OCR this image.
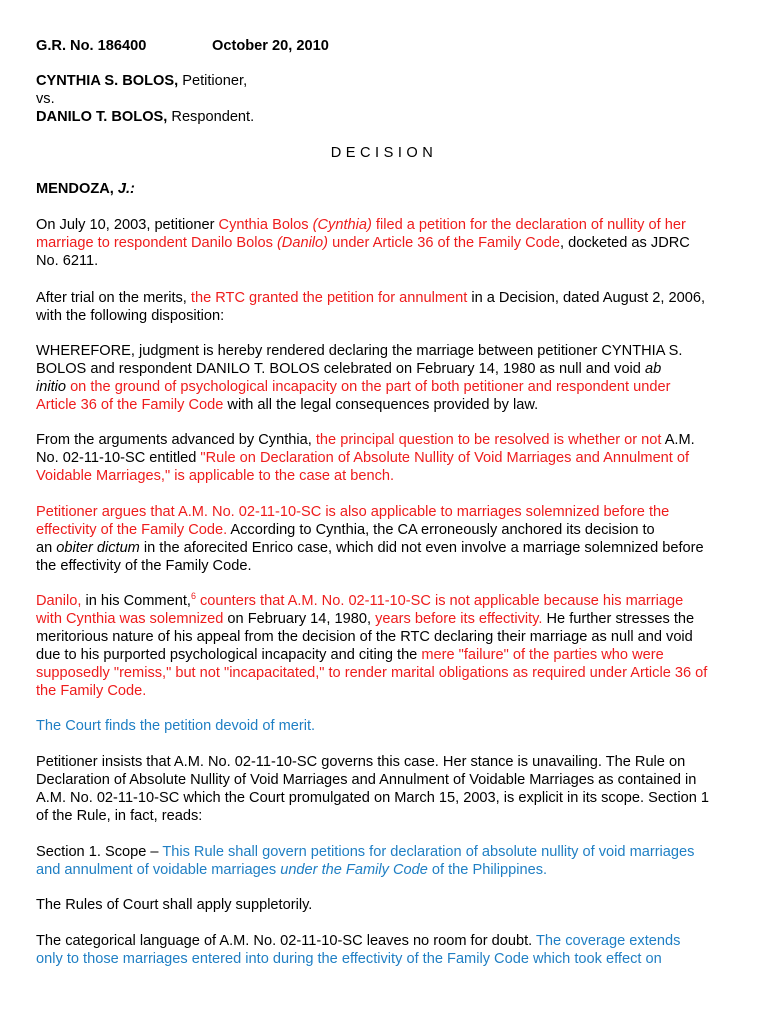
G.R. No. 186400	October 20, 2010
CYNTHIA S. BOLOS, Petitioner,
vs.
DANILO T. BOLOS, Respondent.
DECISION
MENDOZA, J.:
On July 10, 2003, petitioner Cynthia Bolos (Cynthia) filed a petition for the declaration of nullity of her
marriage to respondent Danilo Bolos (Danilo) under Article 36 of the Family Code, docketed as JDRC
No. 6211.
After trial on the merits, the RTC granted the petition for annulment in a Decision, dated August 2, 2006,
with the following disposition:
WHEREFORE, judgment is hereby rendered declaring the marriage between petitioner CYNTHIA S.
BOLOS and respondent DANILO T. BOLOS celebrated on February 14, 1980 as null and void ab
initio on the ground of psychological incapacity on the part of both petitioner and respondent under
Article 36 of the Family Code with all the legal consequences provided by law.
From the arguments advanced by Cynthia, the principal question to be resolved is whether or not A.M.
No. 02-11-10-SC entitled "Rule on Declaration of Absolute Nullity of Void Marriages and Annulment of
Voidable Marriages," is applicable to the case at bench.
Petitioner argues that A.M. No. 02-11-10-SC is also applicable to marriages solemnized before the
effectivity of the Family Code. According to Cynthia, the CA erroneously anchored its decision to
an obiter dictum in the aforecited Enrico case, which did not even involve a marriage solemnized before
the effectivity of the Family Code.
Danilo, in his Comment,$^6$ counters that A.M. No. 02-11-10-SC is not applicable because his marriage
with Cynthia was solemnized on February 14, 1980, years before its effectivity. He further stresses the
meritorious nature of his appeal from the decision of the RTC declaring their marriage as null and void
due to his purported psychological incapacity and citing the mere "failure" of the parties who were
supposedly "remiss," but not "incapacitated," to render marital obligations as required under Article 36 of
the Family Code.
The Court finds the petition devoid of merit.
Petitioner insists that A.M. No. 02-11-10-SC governs this case. Her stance is unavailing. The Rule on
Declaration of Absolute Nullity of Void Marriages and Annulment of Voidable Marriages as contained in
A.M. No. 02-11-10-SC which the Court promulgated on March 15, 2003, is explicit in its scope. Section 1
of the Rule, in fact, reads:
Section 1. Scope – This Rule shall govern petitions for declaration of absolute nullity of void marriages
and annulment of voidable marriages under the Family Code of the Philippines.
The Rules of Court shall apply suppletorily.
The categorical language of A.M. No. 02-11-10-SC leaves no room for doubt. The coverage extends
only to those marriages entered into during the effectivity of the Family Code which took effect on
